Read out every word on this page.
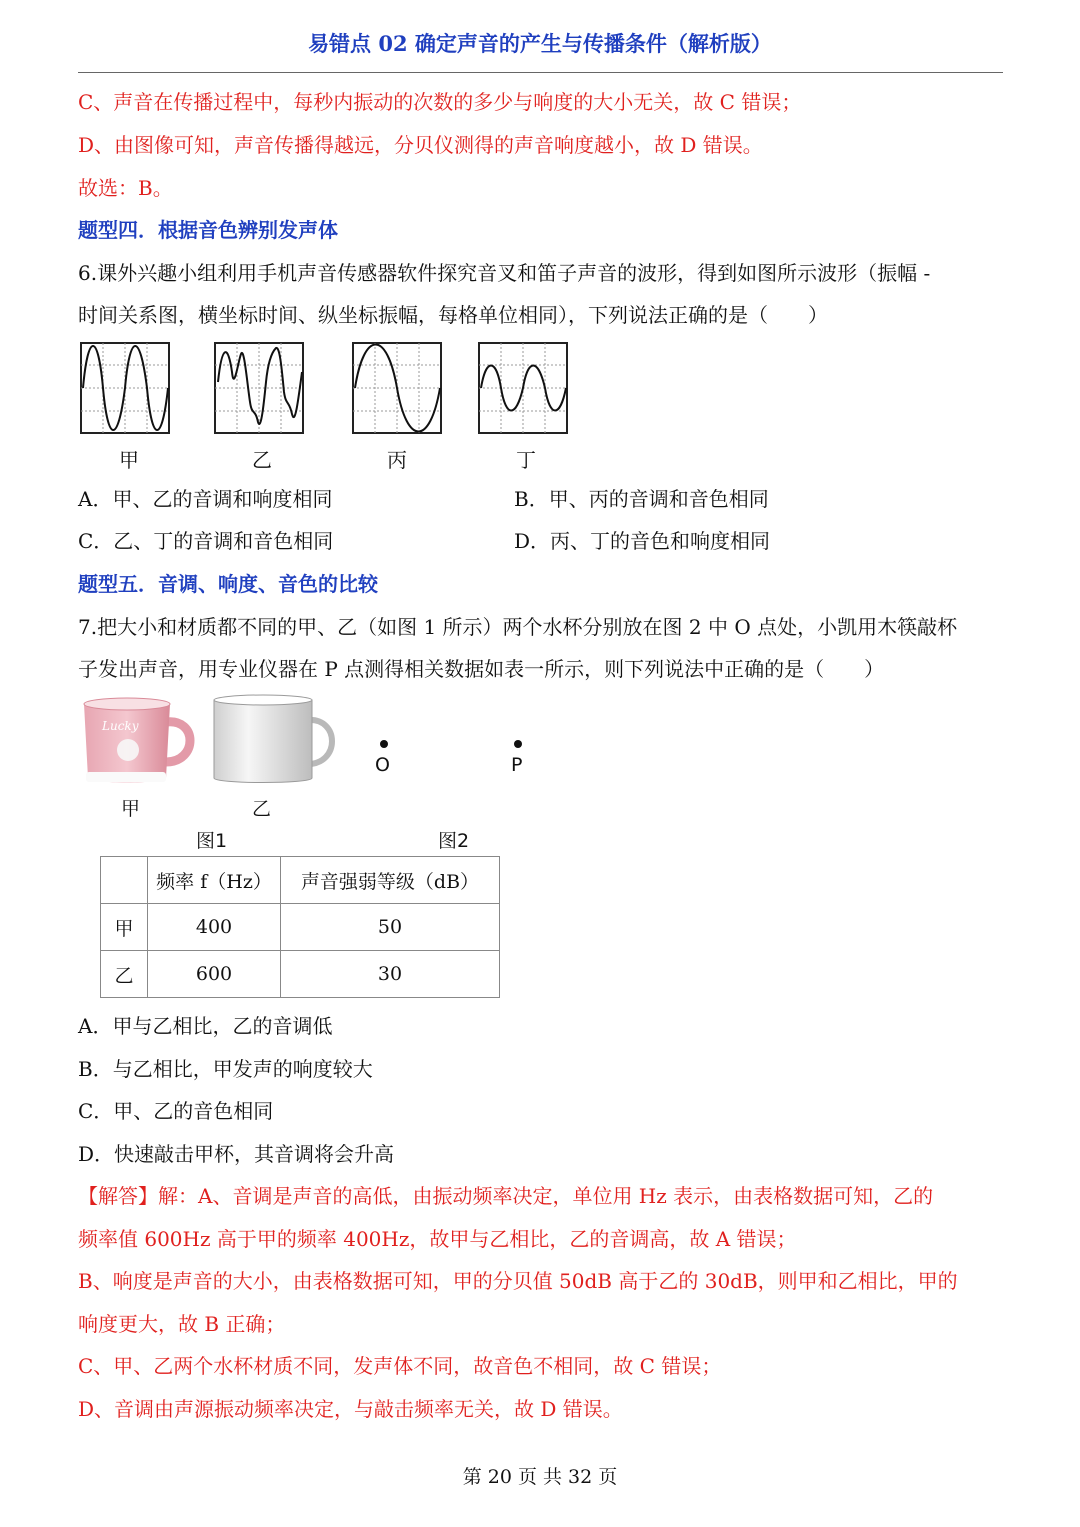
易错点 02 确定声音的产生与传播条件（解析版）
C、声音在传播过程中，每秒内振动的次数的多少与响度的大小无关，故 C 错误；
D、由图像可知，声音传播得越远，分贝仪测得的声音响度越小，故 D 错误。
故选：B。
题型四．根据音色辨别发声体
6.课外兴趣小组利用手机声音传感器软件探究音叉和笛子声音的波形，得到如图所示波形（振幅 -
时间关系图，横坐标时间、纵坐标振幅，每格单位相同），下列说法正确的是（　　）
甲	乙	丙	丁
A．甲、乙的音调和响度相同	B．甲、丙的音调和音色相同
C．乙、丁的音调和音色相同	D．丙、丁的音色和响度相同
题型五．音调、响度、音色的比较
7.把大小和材质都不同的甲、乙（如图 1 所示）两个水杯分别放在图 2 中 O 点处，小凯用木筷敲杯
子发出声音，用专业仪器在 P 点测得相关数据如表一所示，则下列说法中正确的是（　　）
Lucky
O	P
甲	乙
图1	图2
	频率 f（Hz）	声音强弱等级（dB）
甲	400	50
乙	600	30
A．甲与乙相比，乙的音调低
B．与乙相比，甲发声的响度较大
C．甲、乙的音色相同
D．快速敲击甲杯，其音调将会升高
【解答】解：A、音调是声音的高低，由振动频率决定，单位用 Hz 表示，由表格数据可知，乙的
频率值 600Hz 高于甲的频率 400Hz，故甲与乙相比，乙的音调高，故 A 错误；
B、响度是声音的大小，由表格数据可知，甲的分贝值 50dB 高于乙的 30dB，则甲和乙相比，甲的
响度更大，故 B 正确；
C、甲、乙两个水杯材质不同，发声体不同，故音色不相同，故 C 错误；
D、音调由声源振动频率决定，与敲击频率无关，故 D 错误。
第 20 页 共 32 页
